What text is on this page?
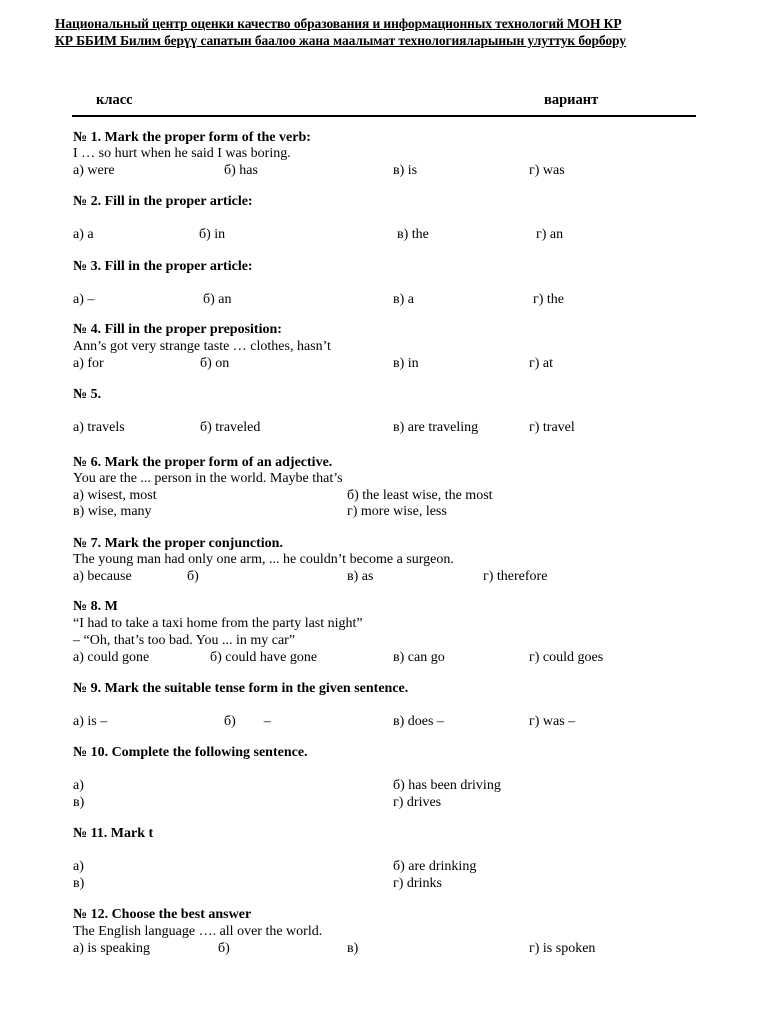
Национальный центр оценки качество образования и информационных технологий МОН КР
КР ББИМ Билим берүү сапатын баалоо жана маалымат технологияларынын улуттук борбору
класс	вариант
№ 1. Mark the proper form of the verb:
I … so hurt when he said I was boring.
а) were	б) has	в) is	г) was
№ 2. Fill in the proper article:
а) a	б) in	в) the	г) an
№ 3. Fill in the proper article:
а) –	б) an	в) a	г) the
№ 4. Fill in the proper preposition:
Ann’s got very strange taste … clothes, hasn’t
а) for	б) on	в) in	г) at
№ 5.
а) travels	б) traveled	в) are traveling	г) travel
№ 6. Mark the proper form of an adjective.
You are the ... person in the world. Maybe that’s
а) wisest, most	б) the least wise, the most
в) wise, many	г) more wise, less
№ 7. Mark the proper conjunction.
The young man had only one arm, ... he couldn’t become a surgeon.
а) because	б)	в) as	г) therefore
№ 8. M
“I had to take a taxi home from the party last night”
– “Oh, that’s too bad. You ... in my car”
а) could gone	б) could have gone	в) can go	г) could goes
№ 9. Mark the suitable tense form in the given sentence.
а) is –	б)        –	в) does –	г) was –
№ 10. Complete the following sentence.
а)	б) has been driving
в)	г) drives
№ 11. Mark t
а)	б) are drinking
в)	г) drinks
№ 12. Choose the best answer
The English language …. all over the world.
а) is speaking	б)	в)	г) is spoken
